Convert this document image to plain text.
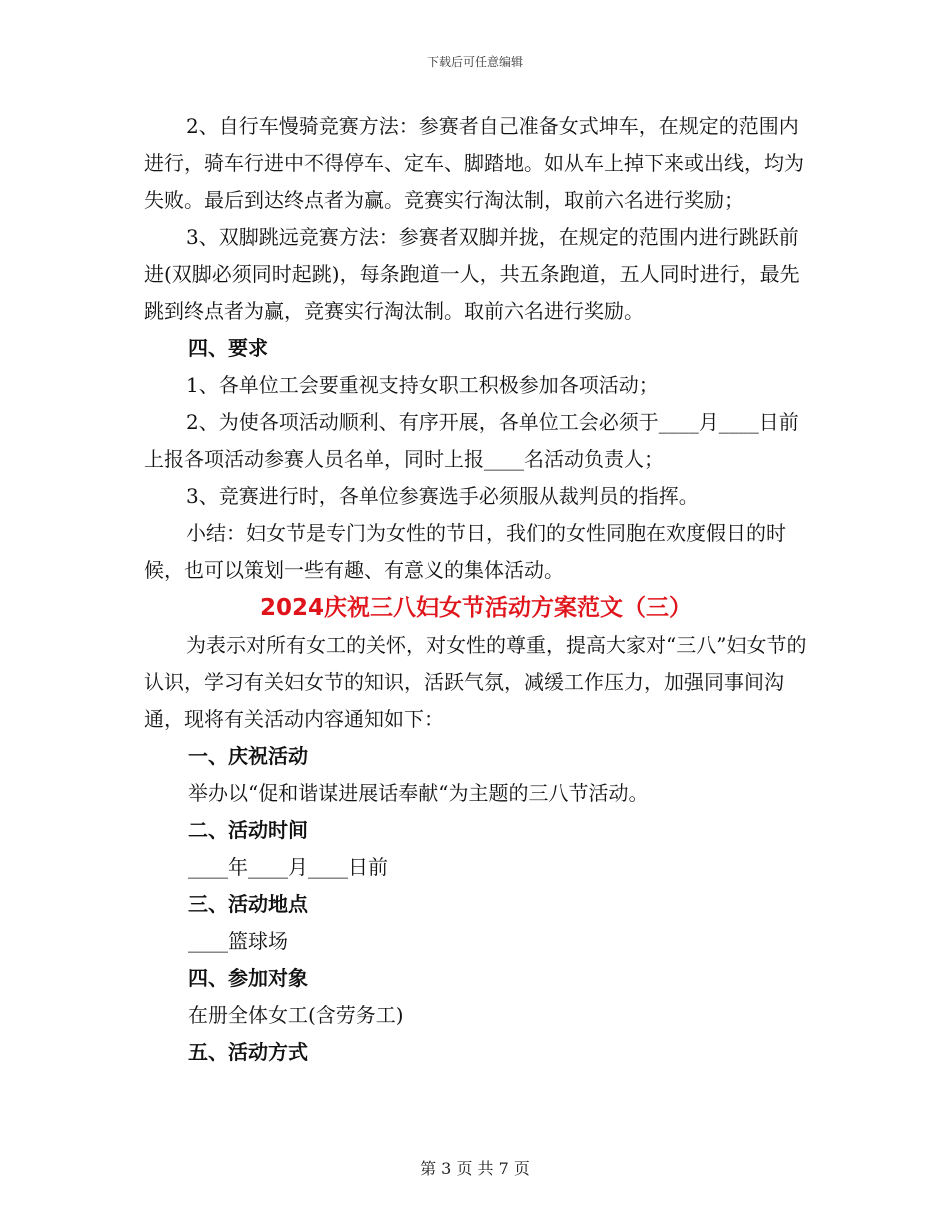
下载后可任意编辑

2、自行车慢骑竞赛方法：参赛者自己准备女式坤车，在规定的范围内进行，骑车行进中不得停车、定车、脚踏地。如从车上掉下来或出线，均为失败。最后到达终点者为赢。竞赛实行淘汰制，取前六名进行奖励；

3、双脚跳远竞赛方法：参赛者双脚并拢，在规定的范围内进行跳跃前进(双脚必须同时起跳)，每条跑道一人，共五条跑道，五人同时进行，最先跳到终点者为赢，竞赛实行淘汰制。取前六名进行奖励。

四、要求

1、各单位工会要重视支持女职工积极参加各项活动；

2、为使各项活动顺利、有序开展，各单位工会必须于____月____日前上报各项活动参赛人员名单，同时上报____名活动负责人；

3、竞赛进行时，各单位参赛选手必须服从裁判员的指挥。

小结：妇女节是专门为女性的节日，我们的女性同胞在欢度假日的时候，也可以策划一些有趣、有意义的集体活动。

2024庆祝三八妇女节活动方案范文（三）

为表示对所有女工的关怀，对女性的尊重，提高大家对“三八”妇女节的认识，学习有关妇女节的知识，活跃气氛，减缓工作压力，加强同事间沟通，现将有关活动内容通知如下：

一、庆祝活动

举办以“促和谐谋进展话奉献“为主题的三八节活动。

二、活动时间

____年____月____日前

三、活动地点

____篮球场

四、参加对象

在册全体女工(含劳务工)

五、活动方式

第 3 页 共 7 页
